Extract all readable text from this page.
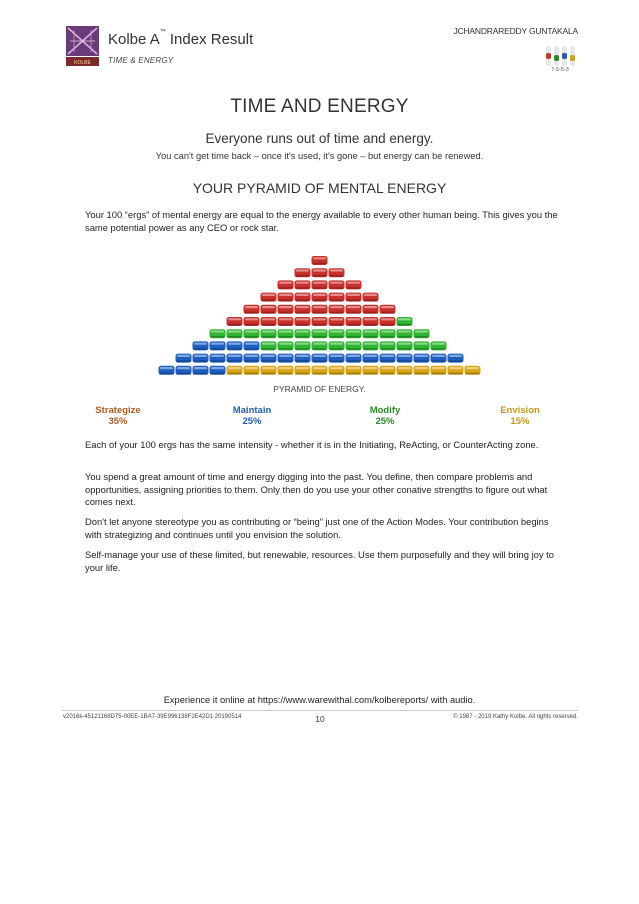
KOLBE
Kolbe A™ Index Result
TIME & ENERGY
JCHANDRAREDDY GUNTAKALA
7-5-5-3
TIME AND ENERGY
Everyone runs out of time and energy.
You can't get time back – once it's used, it's gone – but energy can be renewed.
YOUR PYRAMID OF MENTAL ENERGY
Your 100 “ergs” of mental energy are equal to the energy available to every other human being. This gives you the same potential power as any CEO or rock star.
PYRAMID OF ENERGY.
Strategize
35%
Maintain
25%
Modify
25%
Envision
15%
Each of your 100 ergs has the same intensity - whether it is in the Initiating, ReActing, or CounterActing zone.
You spend a great amount of time and energy digging into the past. You define, then compare problems and opportunities, assigning priorities to them. Only then do you use your other conative strengths to figure out what comes next.
Don't let anyone stereotype you as contributing or “being” just one of the Action Modes. Your contribution begins with strategizing and continues until you envision the solution.
Self-manage your use of these limited, but renewable, resources. Use them purposefully and they will bring joy to your life.
Experience it online at https://www.warewithal.com/kolbereports/ with audio.
v2016k-45121168D75-00EE-1BA7-39E996138F2E42D1 20190514	10	© 1987 - 2019 Kathy Kolbe. All rights reserved.
